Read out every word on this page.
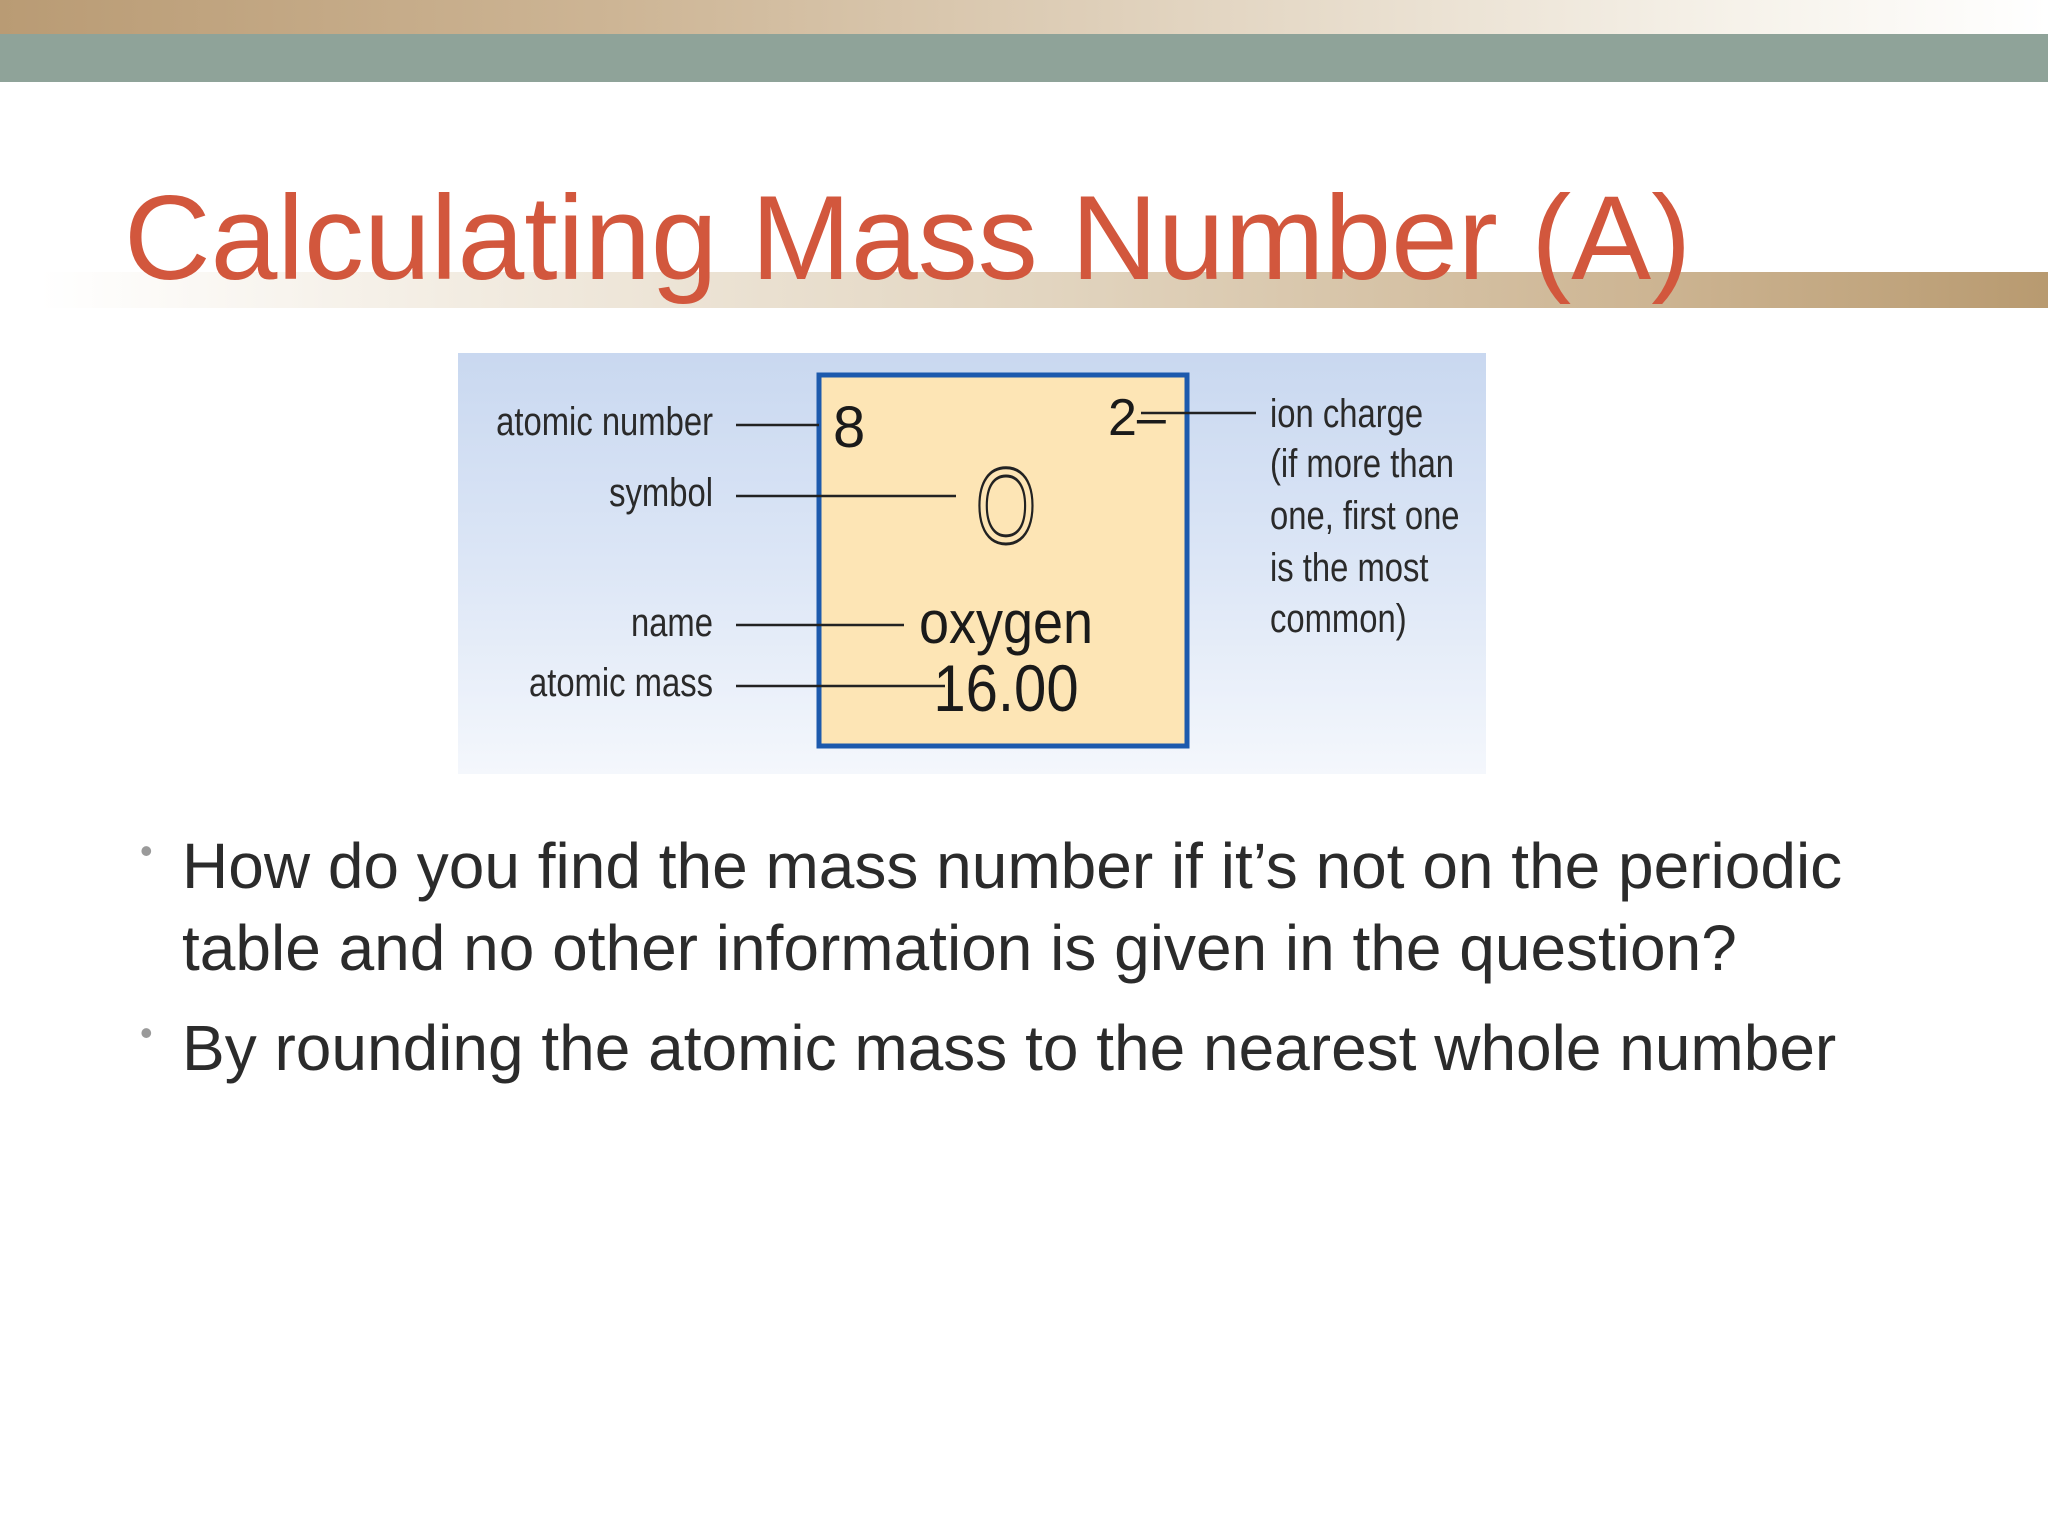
Calculating Mass Number (A)
atomic number
symbol
name
atomic mass
8	2–
O
oxygen
16.00
ion charge
(if more than
one, first one
is the most
common)
• How do you find the mass number if it’s not on the periodic table and no other information is given in the question?
• By rounding the atomic mass to the nearest whole number
